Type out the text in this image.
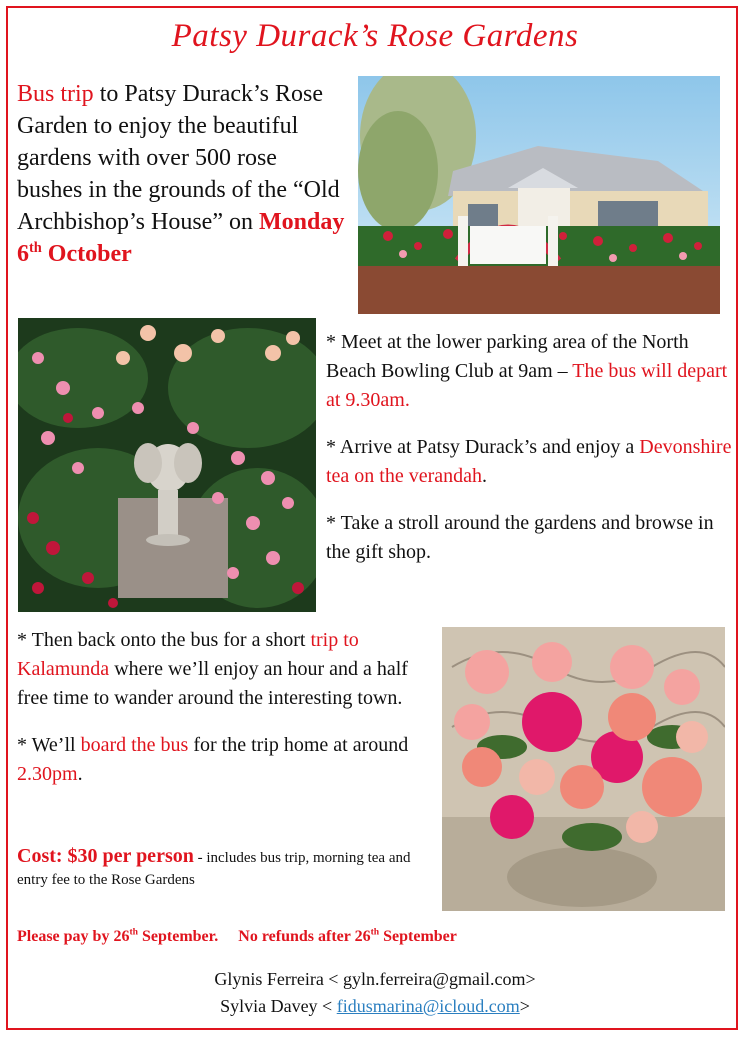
Patsy Durack’s Rose Gardens
Bus trip to Patsy Durack’s Rose Garden to enjoy the beautiful gardens with over 500 rose bushes in the grounds of the “Old Archbishop’s House” on Monday 6th October

* Meet at the lower parking area of the North Beach Bowling Club at 9am – The bus will depart at 9.30am.

* Arrive at Patsy Durack’s and enjoy a Devonshire tea on the verandah.

* Take a stroll around the gardens and browse in the gift shop.

* Then back onto the bus for a short trip to Kalamunda where we’ll enjoy an hour and a half free time to wander around the interesting town.

* We’ll board the bus for the trip home at around 2.30pm.

Cost: $30 per person - includes bus trip, morning tea and entry fee to the Rose Gardens
Please pay by 26th September. No refunds after 26th September
Glynis Ferreira < gyln.ferreira@gmail.com>
Sylvia Davey < fidusmarina@icloud.com>
